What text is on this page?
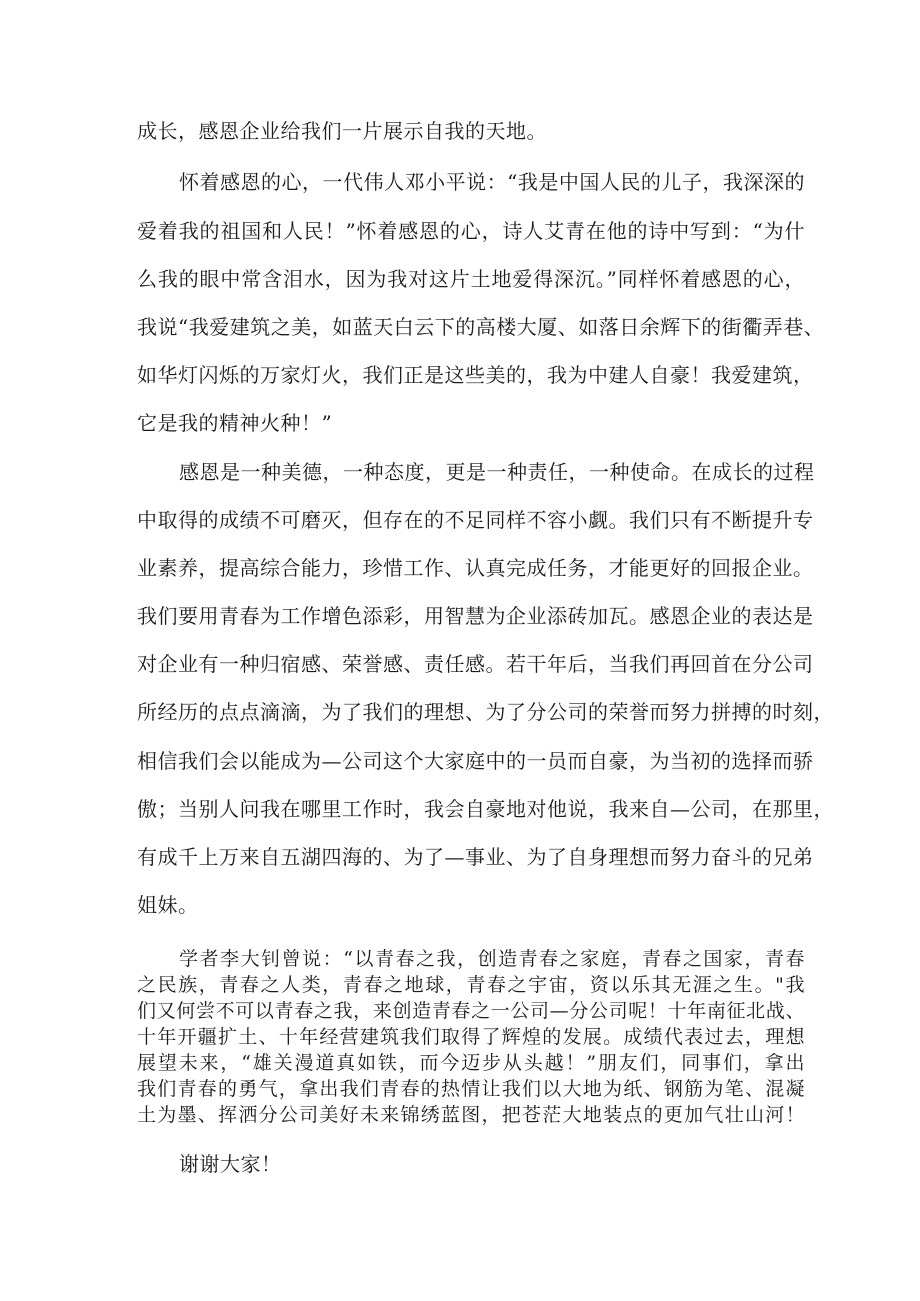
成长，感恩企业给我们一片展示自我的天地。
怀着感恩的心，一代伟人邓小平说：“我是中国人民的儿子，我深深的
爱着我的祖国和人民！”怀着感恩的心，诗人艾青在他的诗中写到：“为什
么我的眼中常含泪水，因为我对这片土地爱得深沉。”同样怀着感恩的心，
我说“我爱建筑之美，如蓝天白云下的高楼大厦、如落日余辉下的街衢弄巷、
如华灯闪烁的万家灯火，我们正是这些美的，我为中建人自豪！我爱建筑，
它是我的精神火种！”
感恩是一种美德，一种态度，更是一种责任，一种使命。在成长的过程
中取得的成绩不可磨灭，但存在的不足同样不容小觑。我们只有不断提升专
业素养，提高综合能力，珍惜工作、认真完成任务，才能更好的回报企业。
我们要用青春为工作增色添彩，用智慧为企业添砖加瓦。感恩企业的表达是
对企业有一种归宿感、荣誉感、责任感。若干年后，当我们再回首在分公司
所经历的点点滴滴，为了我们的理想、为了分公司的荣誉而努力拼搏的时刻，
相信我们会以能成为—公司这个大家庭中的一员而自豪，为当初的选择而骄
傲；当别人问我在哪里工作时，我会自豪地对他说，我来自—公司，在那里，
有成千上万来自五湖四海的、为了—事业、为了自身理想而努力奋斗的兄弟
姐妹。
学者李大钊曾说：“以青春之我，创造青春之家庭，青春之国家，青春
之民族，青春之人类，青春之地球，青春之宇宙，资以乐其无涯之生。"我
们又何尝不可以青春之我，来创造青春之一公司—分公司呢！十年南征北战、
十年开疆扩土、十年经营建筑我们取得了辉煌的发展。成绩代表过去，理想
展望未来，“雄关漫道真如铁，而今迈步从头越！”朋友们，同事们，拿出
我们青春的勇气，拿出我们青春的热情让我们以大地为纸、钢筋为笔、混凝
土为墨、挥洒分公司美好未来锦绣蓝图，把苍茫大地装点的更加气壮山河！
谢谢大家！
